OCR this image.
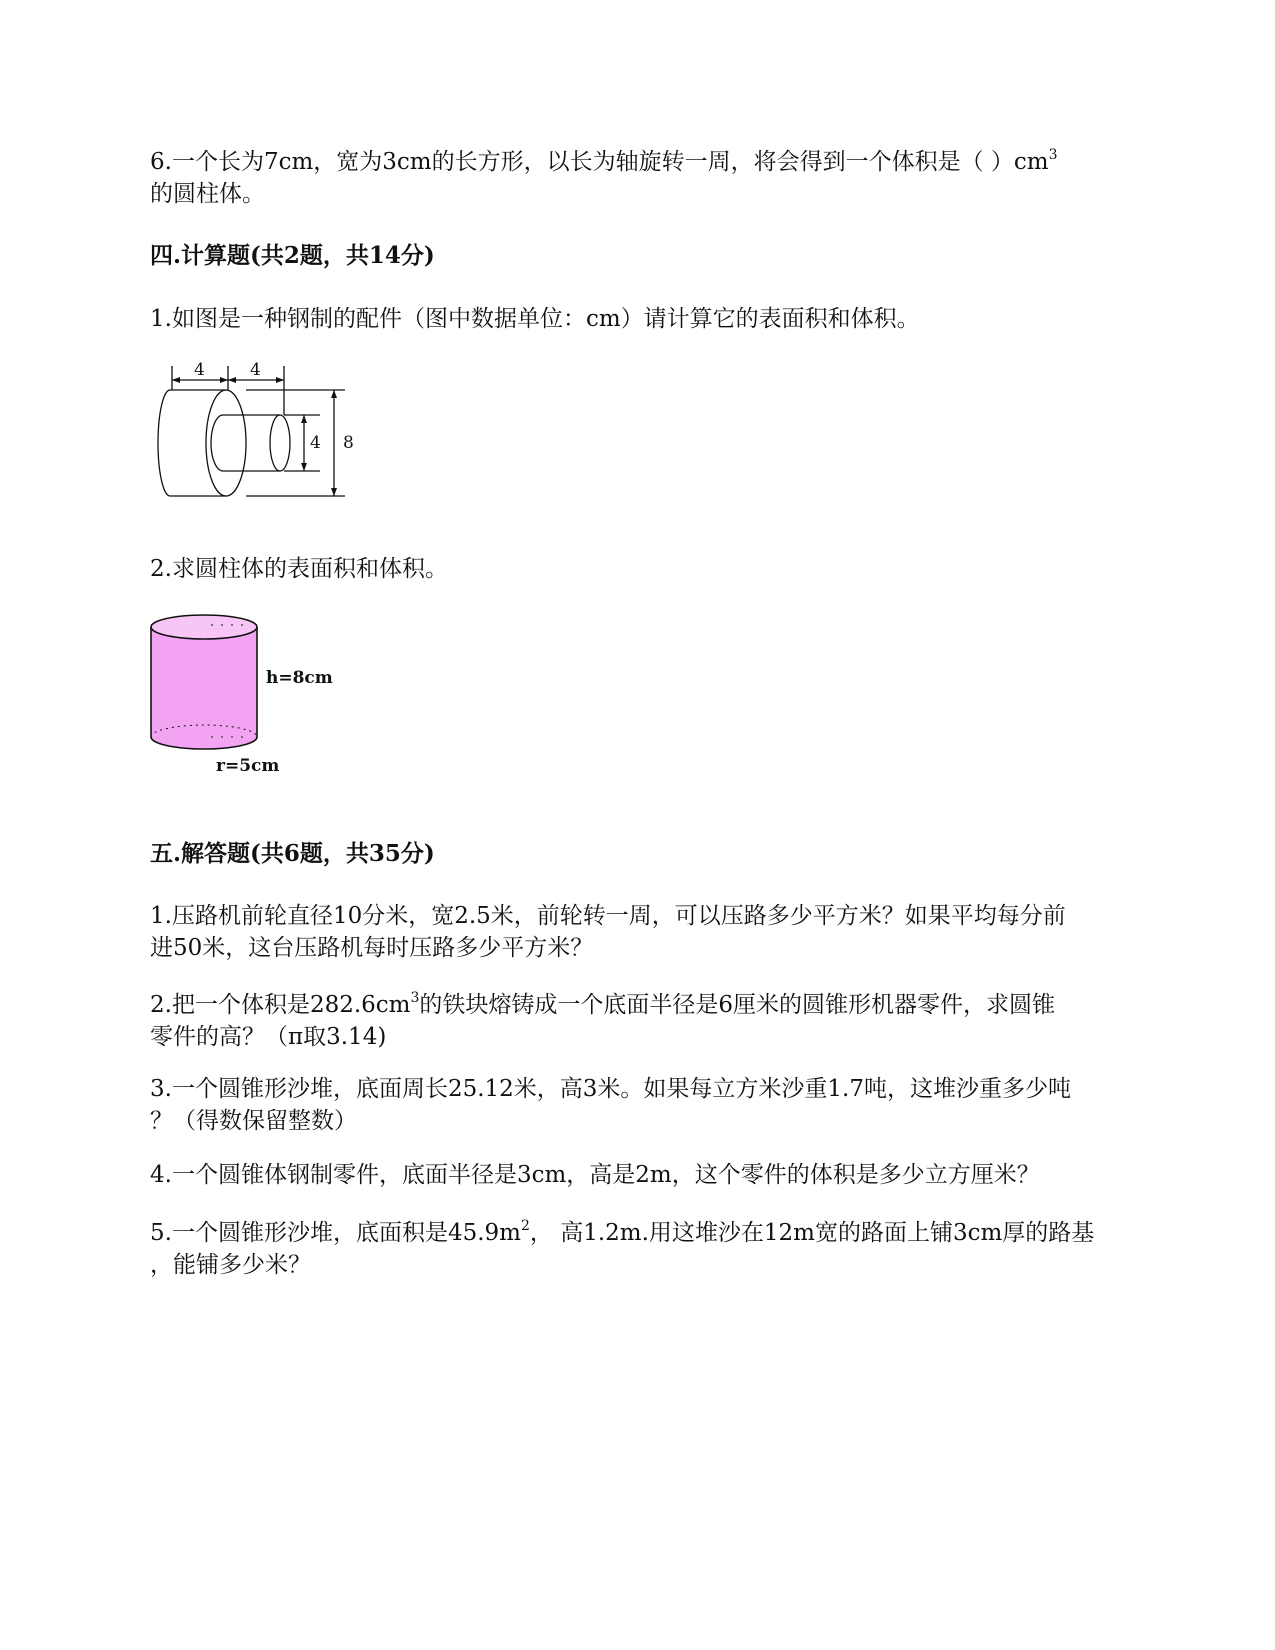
6.一个长为7cm，宽为3cm的长方形，以长为轴旋转一周，将会得到一个体积是（ ）$cm^3$
的圆柱体。
四.计算题(共2题，共14分)
1.如图是一种钢制的配件（图中数据单位：cm）请计算它的表面积和体积。
4	4
4 8
2.求圆柱体的表面积和体积。
h=8cm
r=5cm
五.解答题(共6题，共35分)
1.压路机前轮直径10分米，宽2.5米，前轮转一周，可以压路多少平方米？如果平均每分前
进50米，这台压路机每时压路多少平方米？
2.把一个体积是$282.6cm^3$的铁块熔铸成一个底面半径是6厘米的圆锥形机器零件，求圆锥
零件的高？（π取3.14)
3.一个圆锥形沙堆，底面周长25.12米，高3米。如果每立方米沙重1.7吨，这堆沙重多少吨
？（得数保留整数）
4.一个圆锥体钢制零件，底面半径是3cm，高是2m，这个零件的体积是多少立方厘米？
5.一个圆锥形沙堆，底面积是$45.9m^2$， 高1.2m.用这堆沙在12m宽的路面上铺3cm厚的路基
，能铺多少米？
